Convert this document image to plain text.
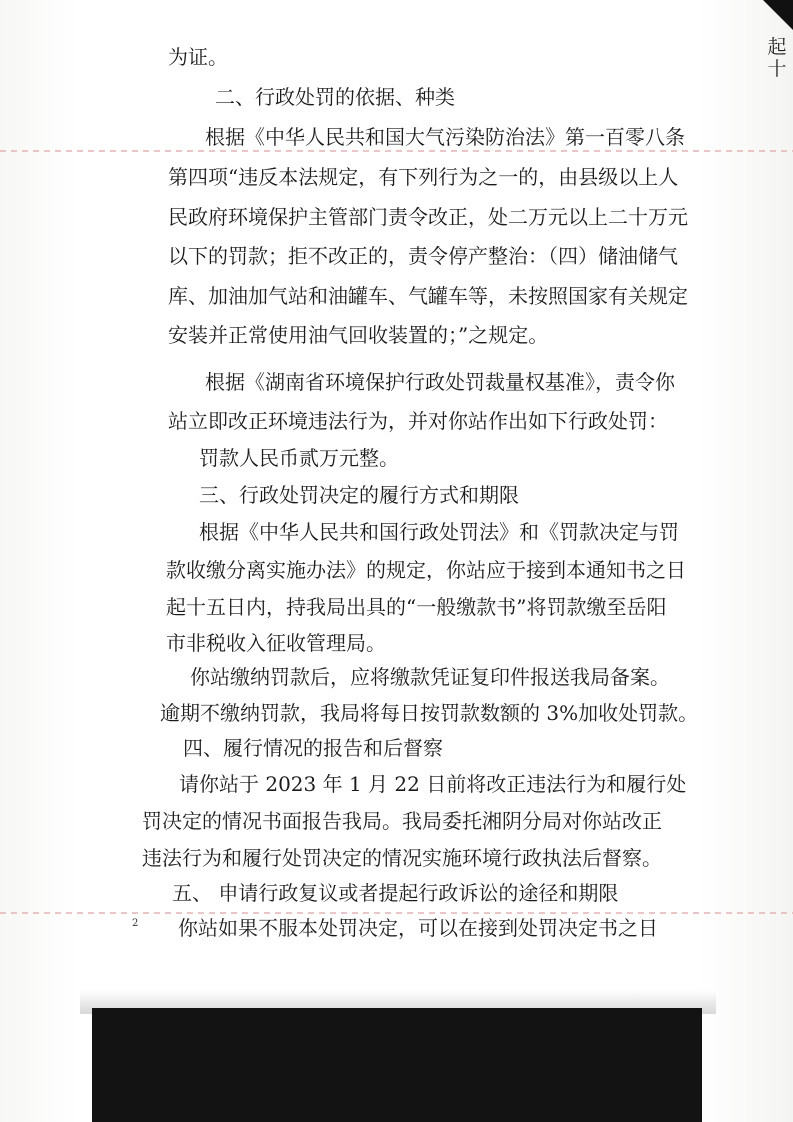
起十
为证。
二、行政处罚的依据、种类
根据《中华人民共和国大气污染防治法》第一百零八条
第四项“违反本法规定，有下列行为之一的，由县级以上人
民政府环境保护主管部门责令改正，处二万元以上二十万元
以下的罚款；拒不改正的，责令停产整治：（四）储油储气
库、加油加气站和油罐车、气罐车等，未按照国家有关规定
安装并正常使用油气回收装置的；”之规定。
根据《湖南省环境保护行政处罚裁量权基准》，责令你
站立即改正环境违法行为，并对你站作出如下行政处罚：
罚款人民币贰万元整。
三、行政处罚决定的履行方式和期限
根据《中华人民共和国行政处罚法》和《罚款决定与罚
款收缴分离实施办法》的规定，你站应于接到本通知书之日
起十五日内，持我局出具的“一般缴款书”将罚款缴至岳阳
市非税收入征收管理局。
你站缴纳罚款后，应将缴款凭证复印件报送我局备案。
逾期不缴纳罚款，我局将每日按罚款数额的 3%加收处罚款。
四、履行情况的报告和后督察
请你站于 2023 年 1 月 22 日前将改正违法行为和履行处
罚决定的情况书面报告我局。我局委托湘阴分局对你站改正
违法行为和履行处罚决定的情况实施环境行政执法后督察。
五、 申请行政复议或者提起行政诉讼的途径和期限
你站如果不服本处罚决定，可以在接到处罚决定书之日
2
